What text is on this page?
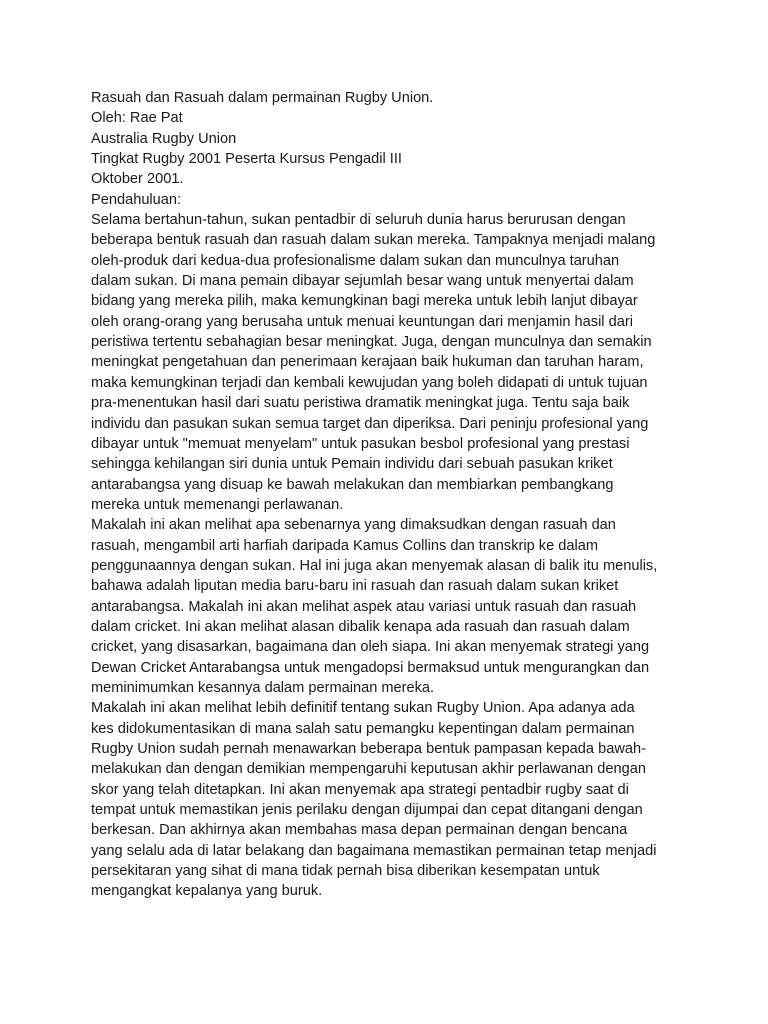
Rasuah dan Rasuah dalam permainan Rugby Union.
Oleh: Rae Pat
Australia Rugby Union
Tingkat Rugby 2001 Peserta Kursus Pengadil III
Oktober 2001.
Pendahuluan:
Selama bertahun-tahun, sukan pentadbir di seluruh dunia harus berurusan dengan
beberapa bentuk rasuah dan rasuah dalam sukan mereka. Tampaknya menjadi malang
oleh-produk dari kedua-dua profesionalisme dalam sukan dan munculnya taruhan
dalam sukan. Di mana pemain dibayar sejumlah besar wang untuk menyertai dalam
bidang yang mereka pilih, maka kemungkinan bagi mereka untuk lebih lanjut dibayar
oleh orang-orang yang berusaha untuk menuai keuntungan dari menjamin hasil dari
peristiwa tertentu sebahagian besar meningkat. Juga, dengan munculnya dan semakin
meningkat pengetahuan dan penerimaan kerajaan baik hukuman dan taruhan haram,
maka kemungkinan terjadi dan kembali kewujudan yang boleh didapati di untuk tujuan
pra-menentukan hasil dari suatu peristiwa dramatik meningkat juga. Tentu saja baik
individu dan pasukan sukan semua target dan diperiksa. Dari peninju profesional yang
dibayar untuk "memuat menyelam" untuk pasukan besbol profesional yang prestasi
sehingga kehilangan siri dunia untuk Pemain individu dari sebuah pasukan kriket
antarabangsa yang disuap ke bawah melakukan dan membiarkan pembangkang
mereka untuk memenangi perlawanan.
Makalah ini akan melihat apa sebenarnya yang dimaksudkan dengan rasuah dan
rasuah, mengambil arti harfiah daripada Kamus Collins dan transkrip ke dalam
penggunaannya dengan sukan. Hal ini juga akan menyemak alasan di balik itu menulis,
bahawa adalah liputan media baru-baru ini rasuah dan rasuah dalam sukan kriket
antarabangsa. Makalah ini akan melihat aspek atau variasi untuk rasuah dan rasuah
dalam cricket. Ini akan melihat alasan dibalik kenapa ada rasuah dan rasuah dalam
cricket, yang disasarkan, bagaimana dan oleh siapa. Ini akan menyemak strategi yang
Dewan Cricket Antarabangsa untuk mengadopsi bermaksud untuk mengurangkan dan
meminimumkan kesannya dalam permainan mereka.
Makalah ini akan melihat lebih definitif tentang sukan Rugby Union. Apa adanya ada
kes didokumentasikan di mana salah satu pemangku kepentingan dalam permainan
Rugby Union sudah pernah menawarkan beberapa bentuk pampasan kepada bawah-
melakukan dan dengan demikian mempengaruhi keputusan akhir perlawanan dengan
skor yang telah ditetapkan. Ini akan menyemak apa strategi pentadbir rugby saat di
tempat untuk memastikan jenis perilaku dengan dijumpai dan cepat ditangani dengan
berkesan. Dan akhirnya akan membahas masa depan permainan dengan bencana
yang selalu ada di latar belakang dan bagaimana memastikan permainan tetap menjadi
persekitaran yang sihat di mana tidak pernah bisa diberikan kesempatan untuk
mengangkat kepalanya yang buruk.
